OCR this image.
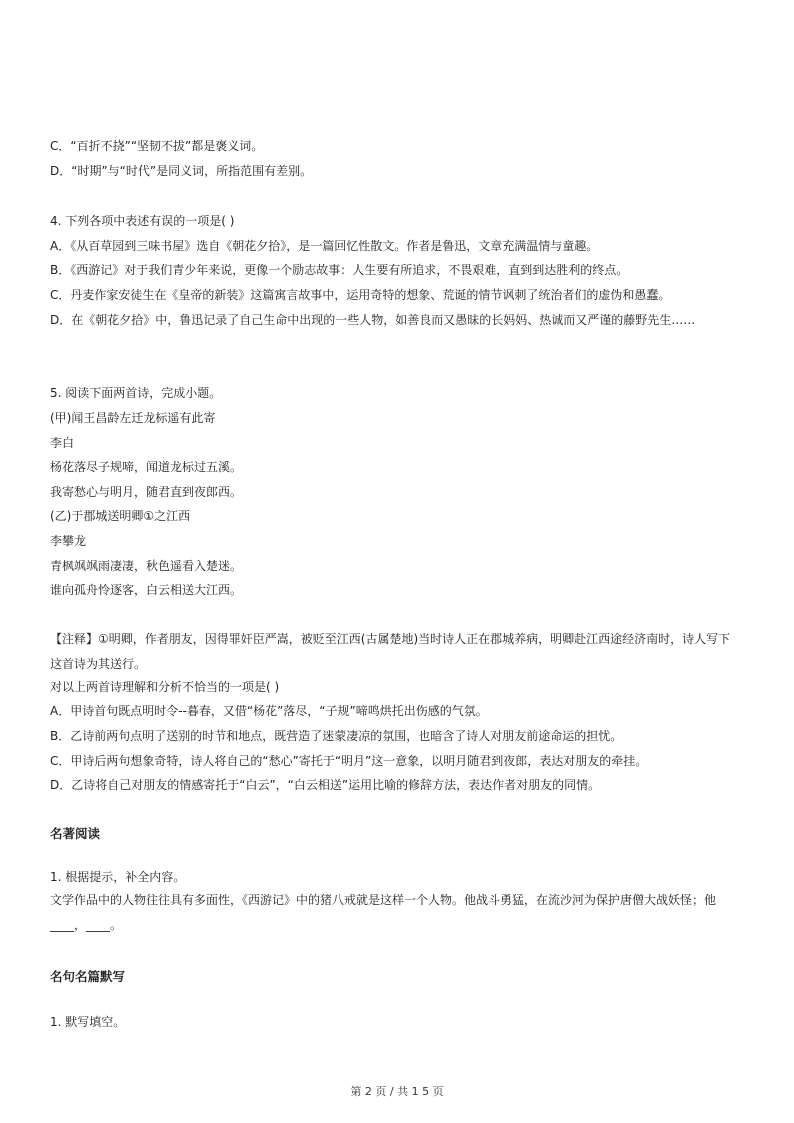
C．“百折不挠”“坚韧不拔”都是褒义词。
D．“时期”与“时代”是同义词，所指范围有差别。
4. 下列各项中表述有误的一项是( )
A．《从百草园到三味书屋》选自《朝花夕拾》，是一篇回忆性散文。作者是鲁迅，文章充满温情与童趣。
B．《西游记》对于我们青少年来说，更像一个励志故事：人生要有所追求，不畏艰难，直到到达胜利的终点。
C．丹麦作家安徒生在《皇帝的新装》这篇寓言故事中，运用奇特的想象、荒诞的情节讽刺了统治者们的虚伪和愚蠢。
D．在《朝花夕拾》中，鲁迅记录了自己生命中出现的一些人物，如善良而又愚昧的长妈妈、热诚而又严谨的藤野先生……
5. 阅读下面两首诗，完成小题。
(甲)闻王昌龄左迁龙标遥有此寄
李白
杨花落尽子规啼，闻道龙标过五溪。
我寄愁心与明月，随君直到夜郎西。
(乙)于郡城送明卿①之江西
李攀龙
青枫飒飒雨凄凄，秋色遥看入楚迷。
谁向孤舟怜逐客，白云相送大江西。
【注释】①明卿，作者朋友，因得罪奸臣严嵩，被贬至江西(古属楚地)当时诗人正在郡城养病，明卿赴江西途经济南时，诗人写下这首诗为其送行。
对以上两首诗理解和分析不恰当的一项是( )
A．甲诗首句既点明时令--暮春，又借“杨花”落尽，“子规”啼鸣烘托出伤感的气氛。
B．乙诗前两句点明了送别的时节和地点，既营造了迷蒙凄凉的氛围，也暗含了诗人对朋友前途命运的担忧。
C．甲诗后两句想象奇特，诗人将自己的“愁心”寄托于“明月”这一意象，以明月随君到夜郎，表达对朋友的牵挂。
D．乙诗将自己对朋友的情感寄托于“白云”，“白云相送”运用比喻的修辞方法，表达作者对朋友的同情。
名著阅读
1. 根据提示，补全内容。
文学作品中的人物往往具有多面性，《西游记》中的猪八戒就是这样一个人物。他战斗勇猛，在流沙河为保护唐僧大战妖怪；他____，____。
名句名篇默写
1. 默写填空。
第 2 页 / 共 1 5 页
